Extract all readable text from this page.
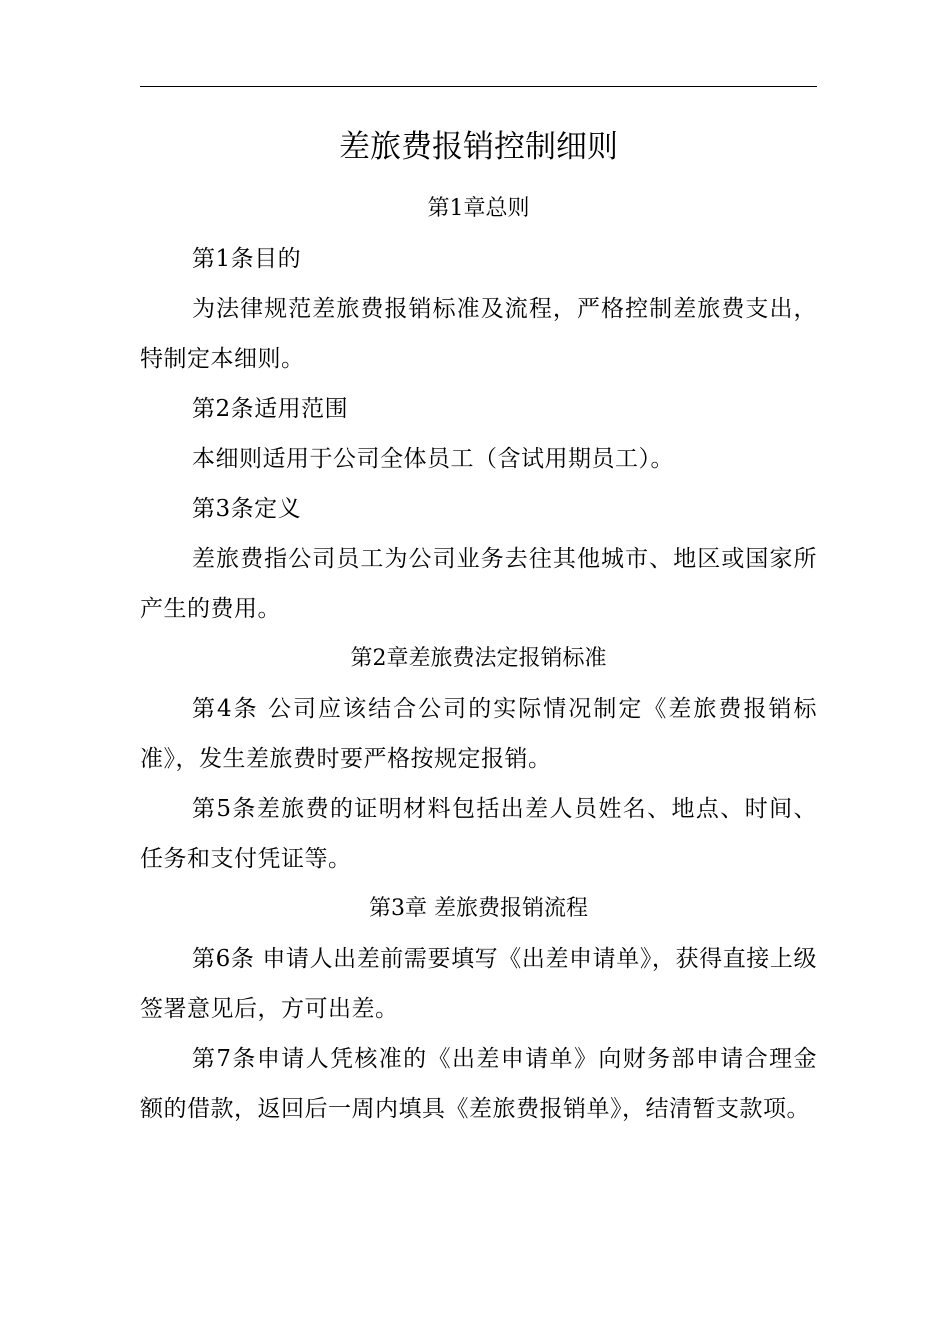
差旅费报销控制细则
第1章总则

第1条目的

为法律规范差旅费报销标准及流程，严格控制差旅费支出，特制定本细则。

第2条适用范围

本细则适用于公司全体员工（含试用期员工）。

第3条定义

差旅费指公司员工为公司业务去往其他城市、地区或国家所产生的费用。

第2章差旅费法定报销标准

第4条 公司应该结合公司的实际情况制定《差旅费报销标准》，发生差旅费时要严格按规定报销。

第5条差旅费的证明材料包括出差人员姓名、地点、时间、任务和支付凭证等。

第3章 差旅费报销流程

第6条 申请人出差前需要填写《出差申请单》，获得直接上级签署意见后，方可出差。

第7条申请人凭核准的《出差申请单》向财务部申请合理金额的借款，返回后一周内填具《差旅费报销单》，结清暂支款项。
